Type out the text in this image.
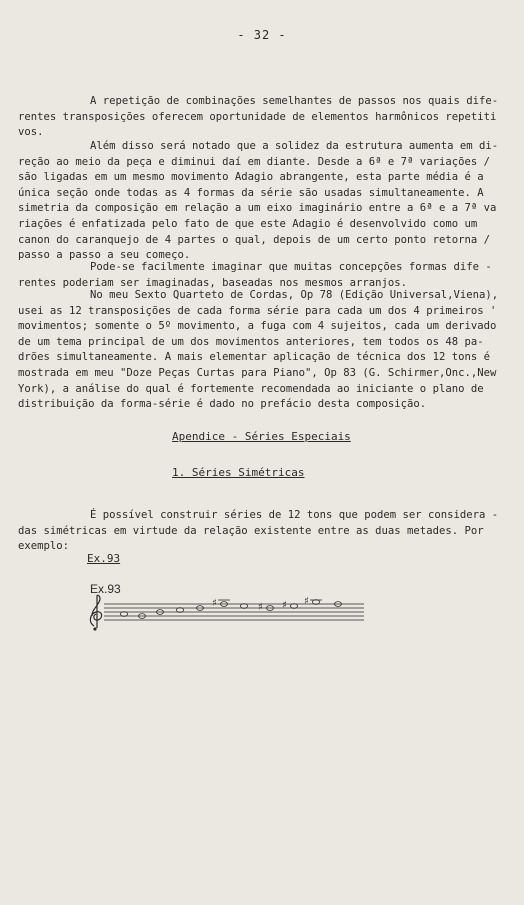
- 32 -
A repetição de combinações semelhantes de passos nos quais dife-
rentes transposições oferecem oportunidade de elementos harmônicos repetiti
vos.
Além disso será notado que a solidez da estrutura aumenta em di-
reção ao meio da peça e diminui daí em diante. Desde a 6ª e 7ª variações /
são ligadas em um mesmo movimento Adagio abrangente, esta parte média é a
única seção onde todas as 4 formas da série são usadas simultaneamente. A
simetria da composição em relação a um eixo imaginário entre a 6ª e a 7ª va
riações é enfatizada pelo fato de que este Adagio é desenvolvido como um
canon do caranquejo de 4 partes o qual, depois de um certo ponto retorna /
passo a passo a seu começo.
Pode-se facilmente imaginar que muitas concepções formas dife -
rentes poderiam ser imaginadas, baseadas nos mesmos arranjos.
No meu Sexto Quarteto de Cordas, Op 78 (Edição Universal,Viena),
usei as 12 transposições de cada forma série para cada um dos 4 primeiros '
movimentos; somente o 5º movimento, a fuga com 4 sujeitos, cada um derivado
de um tema principal de um dos movimentos anteriores, tem todos os 48 pa-
drões simultaneamente. A mais elementar aplicação de técnica dos 12 tons é
mostrada em meu "Doze Peças Curtas para Piano", Op 83 (G. Schirmer,Onc.,New
York), a análise do qual é fortemente recomendada ao iniciante o plano de
distribuição da forma-série é dado no prefácio desta composição.
Apendice - Séries Especiais
1. Séries Simétricas
É possível construir séries de 12 tons que podem ser considera -
das simétricas em virtude da relação existente entre as duas metades. Por
exemplo:
Ex.93
Ex.93
♯	♯ ♯ ♯
